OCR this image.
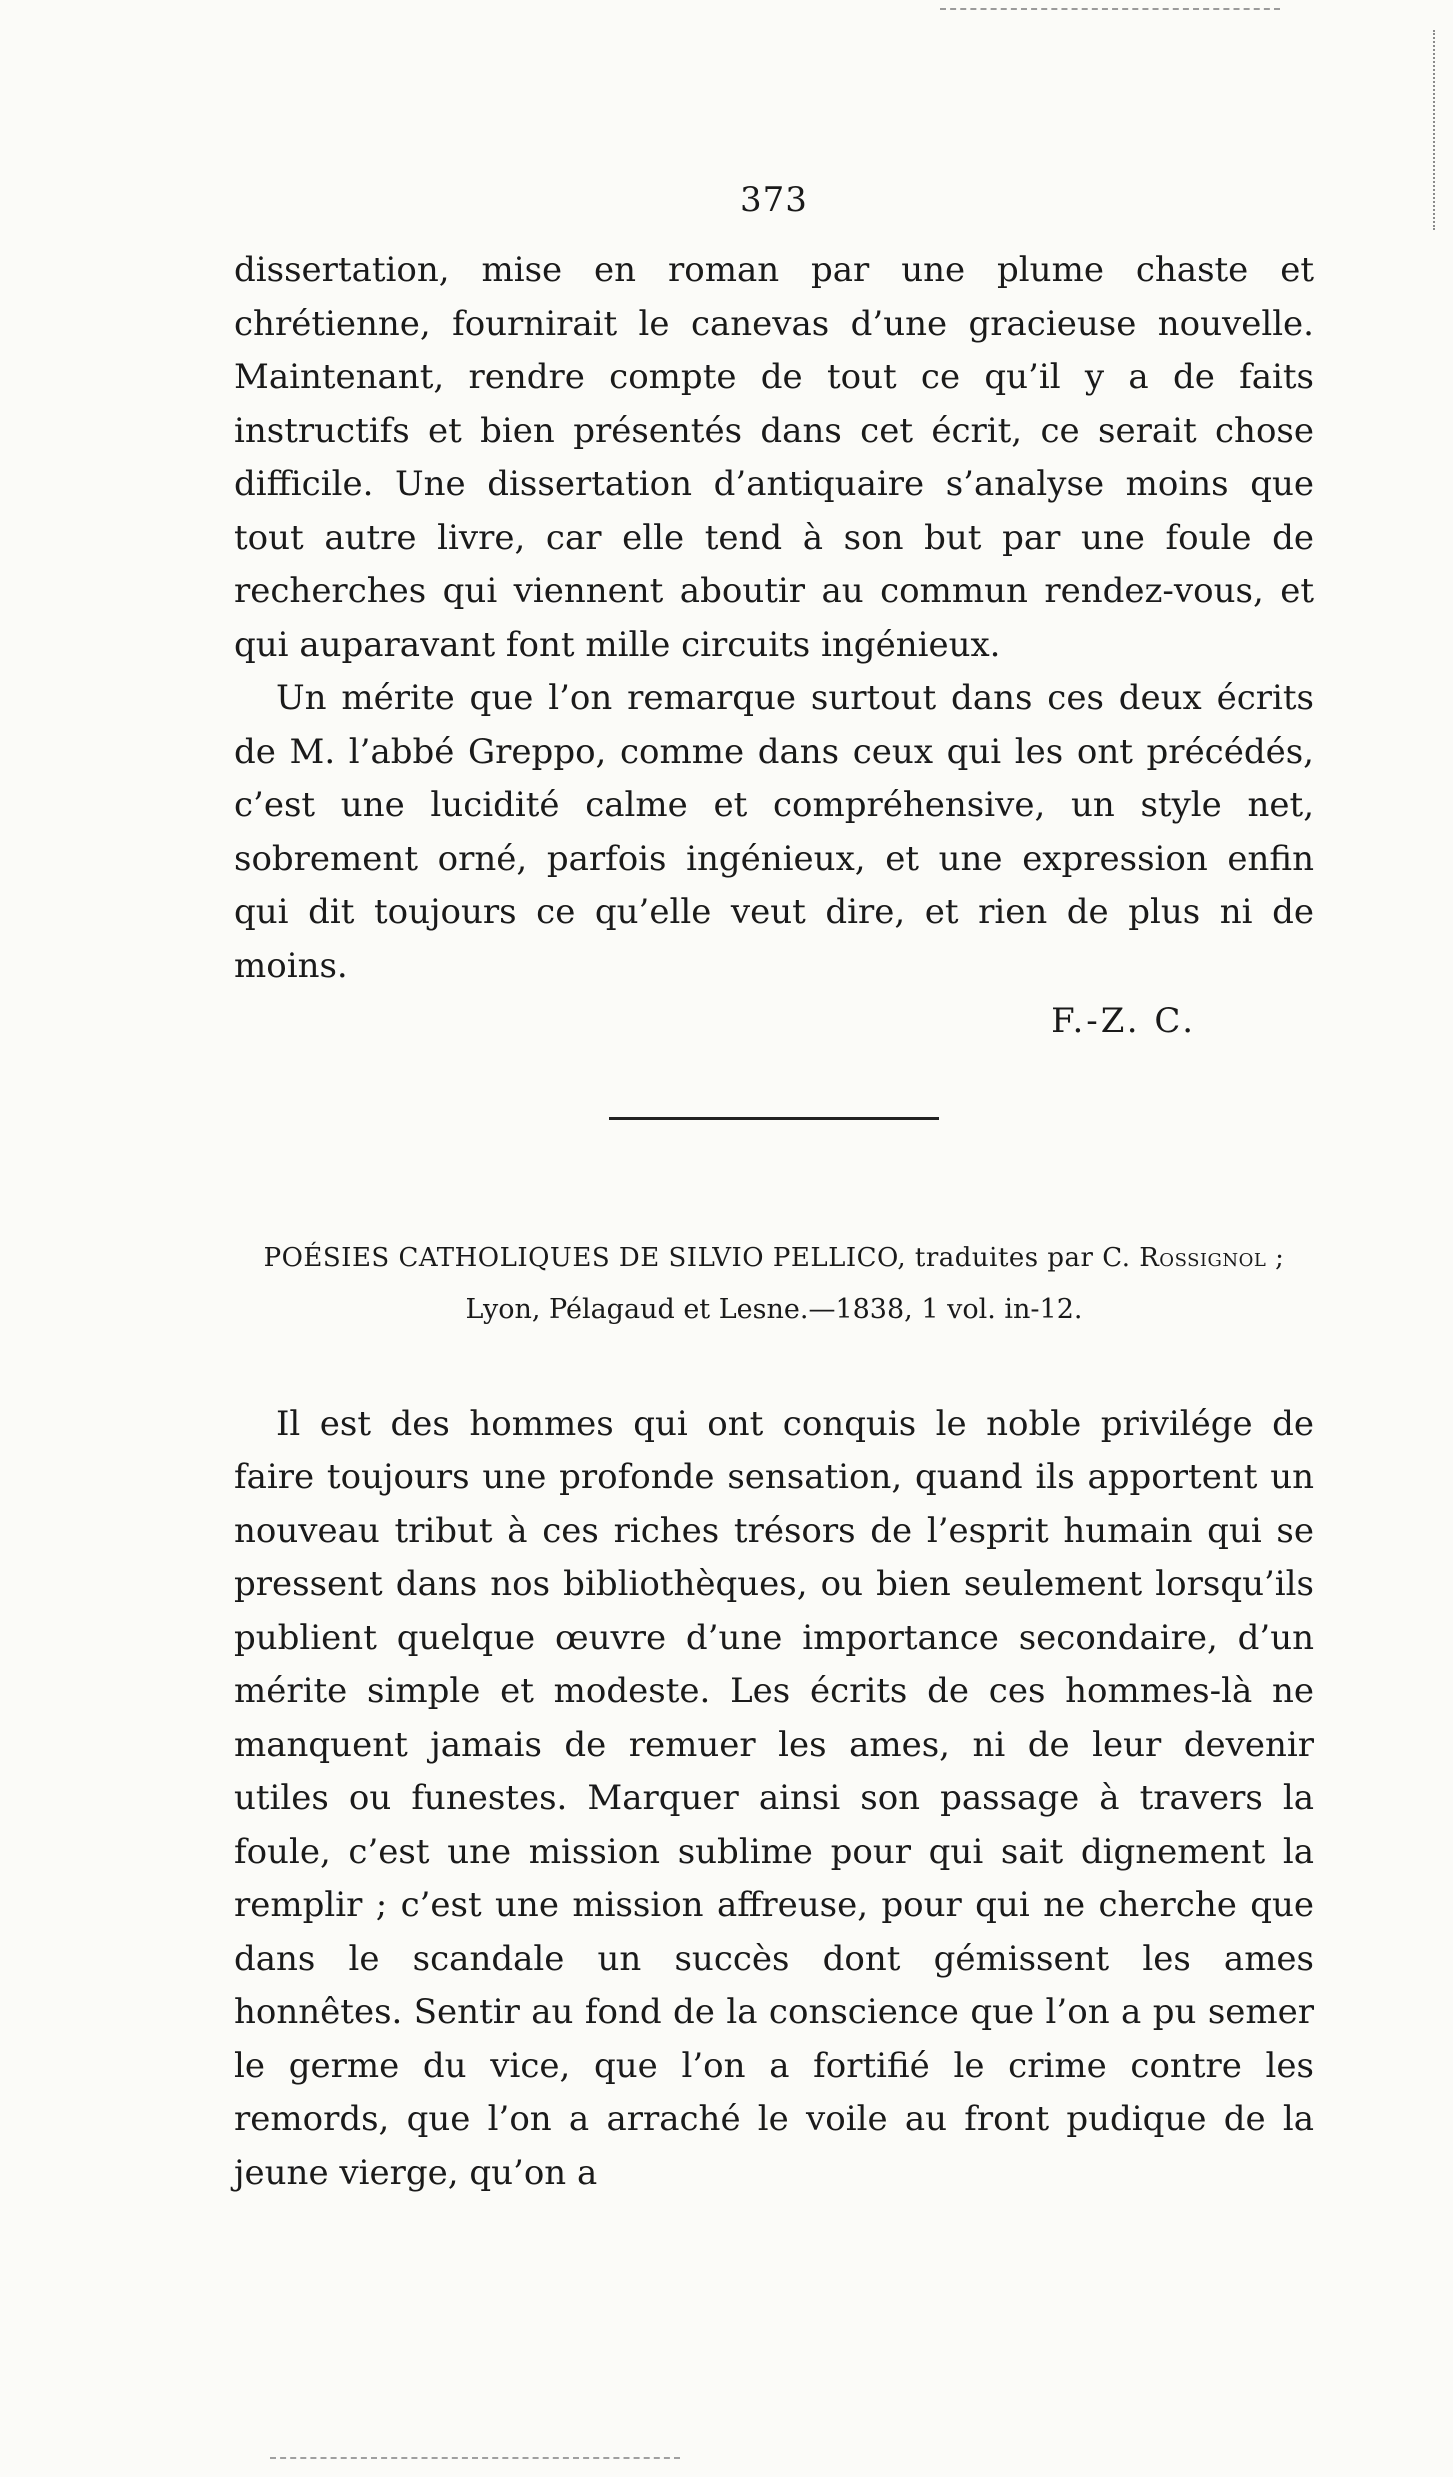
373

dissertation, mise en roman par une plume chaste et chrétienne, fournirait le canevas d’une gracieuse nouvelle. Maintenant, rendre compte de tout ce qu’il y a de faits instructifs et bien présentés dans cet écrit, ce serait chose difficile. Une dissertation d’antiquaire s’analyse moins que tout autre livre, car elle tend à son but par une foule de recherches qui viennent aboutir au commun rendez-vous, et qui auparavant font mille circuits ingénieux.

Un mérite que l’on remarque surtout dans ces deux écrits de M. l’abbé Greppo, comme dans ceux qui les ont précédés, c’est une lucidité calme et compréhensive, un style net, sobrement orné, parfois ingénieux, et une expression enfin qui dit toujours ce qu’elle veut dire, et rien de plus ni de moins.

F.-Z. C.
POÉSIES CATHOLIQUES DE SILVIO PELLICO, traduites par C. Rossignol ;
Lyon, Pélagaud et Lesne.—1838, 1 vol. in-12.

Il est des hommes qui ont conquis le noble privilége de faire toujours une profonde sensation, quand ils apportent un nouveau tribut à ces riches trésors de l’esprit humain qui se pressent dans nos bibliothèques, ou bien seulement lorsqu’ils publient quelque œuvre d’une importance secondaire, d’un mérite simple et modeste. Les écrits de ces hommes-là ne manquent jamais de remuer les ames, ni de leur devenir utiles ou funestes. Marquer ainsi son passage à travers la foule, c’est une mission sublime pour qui sait dignement la remplir ; c’est une mission affreuse, pour qui ne cherche que dans le scandale un succès dont gémissent les ames honnêtes. Sentir au fond de la conscience que l’on a pu semer le germe du vice, que l’on a fortifié le crime contre les remords, que l’on a arraché le voile au front pudique de la jeune vierge, qu’on a
